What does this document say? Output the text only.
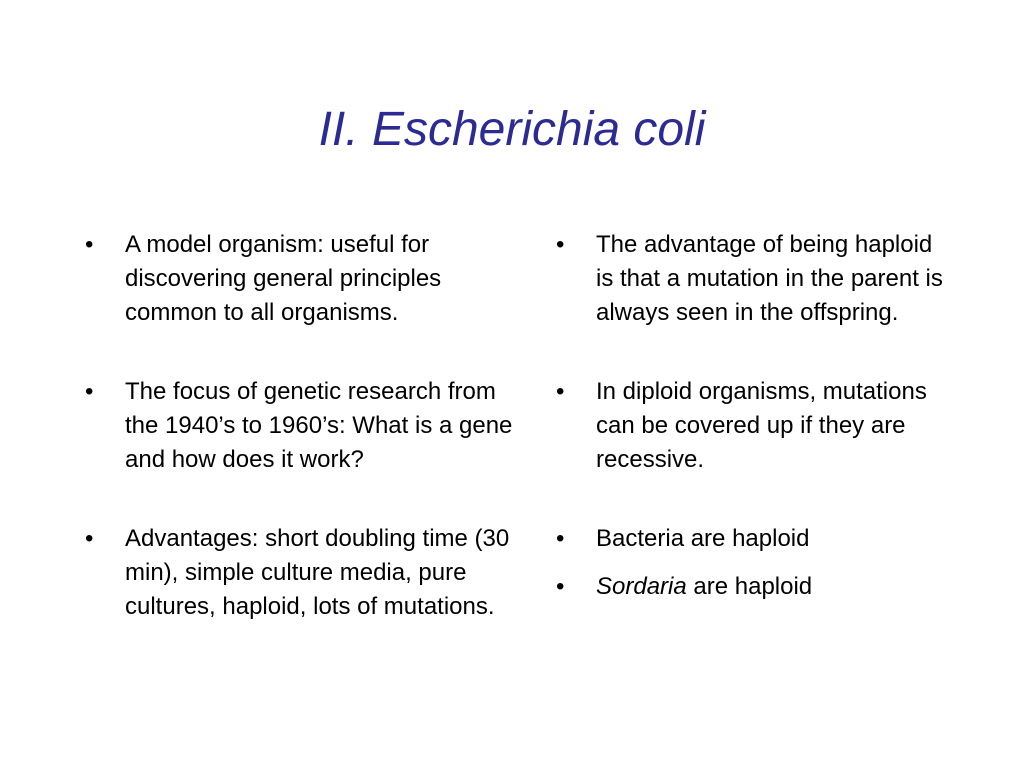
II. Escherichia coli
• A model organism: useful for discovering general principles common to all organisms.
• The focus of genetic research from the 1940’s to 1960’s: What is a gene and how does it work?
• Advantages: short doubling time (30 min), simple culture media, pure cultures, haploid, lots of mutations.
• The advantage of being haploid is that a mutation in the parent is always seen in the offspring.
• In diploid organisms, mutations can be covered up if they are recessive.
• Bacteria are haploid
• Sordaria are haploid
